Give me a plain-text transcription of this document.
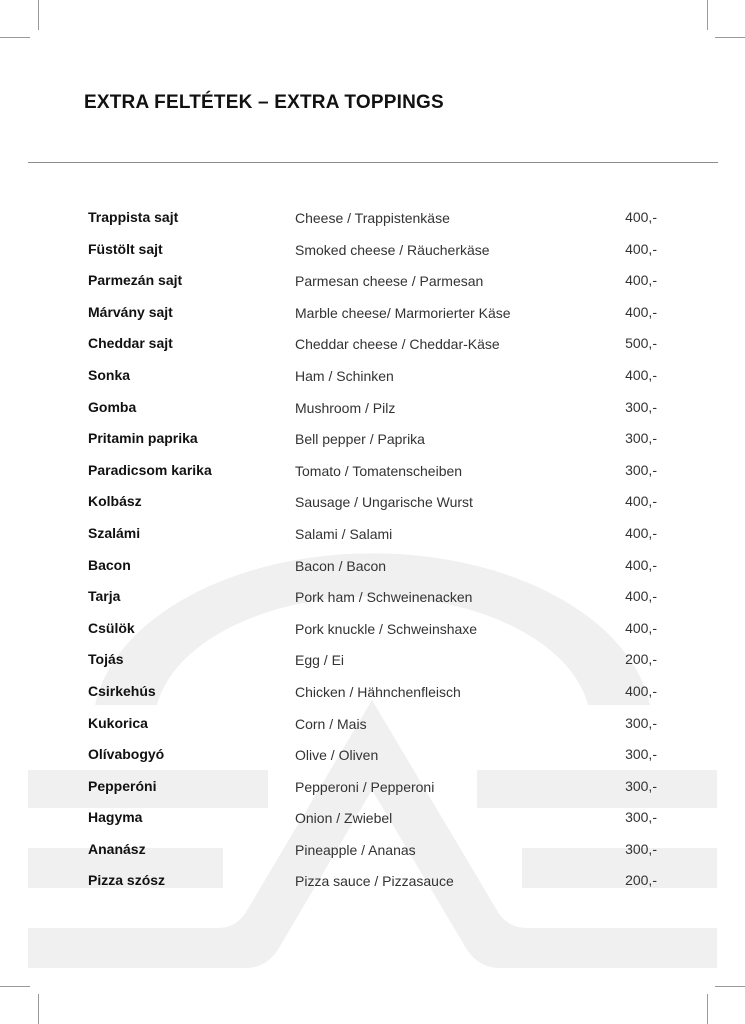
EXTRA FELTÉTEK – EXTRA TOPPINGS
Trappista sajt	Cheese / Trappistenkäse	400,-
Füstölt sajt	Smoked cheese / Räucherkäse	400,-
Parmezán sajt	Parmesan cheese / Parmesan	400,-
Márvány sajt	Marble cheese/ Marmorierter Käse	400,-
Cheddar sajt	Cheddar cheese / Cheddar-Käse	500,-
Sonka	Ham / Schinken	400,-
Gomba	Mushroom / Pilz	300,-
Pritamin paprika	Bell pepper / Paprika	300,-
Paradicsom karika	Tomato / Tomatenscheiben	300,-
Kolbász	Sausage / Ungarische Wurst	400,-
Szalámi	Salami / Salami	400,-
Bacon	Bacon / Bacon	400,-
Tarja	Pork ham / Schweinenacken	400,-
Csülök	Pork knuckle / Schweinshaxe	400,-
Tojás	Egg / Ei	200,-
Csirkehús	Chicken / Hähnchenfleisch	400,-
Kukorica	Corn / Mais	300,-
Olívabogyó	Olive / Oliven	300,-
Pepperóni	Pepperoni / Pepperoni	300,-
Hagyma	Onion / Zwiebel	300,-
Ananász	Pineapple / Ananas	300,-
Pizza szósz	Pizza sauce / Pizzasauce	200,-
